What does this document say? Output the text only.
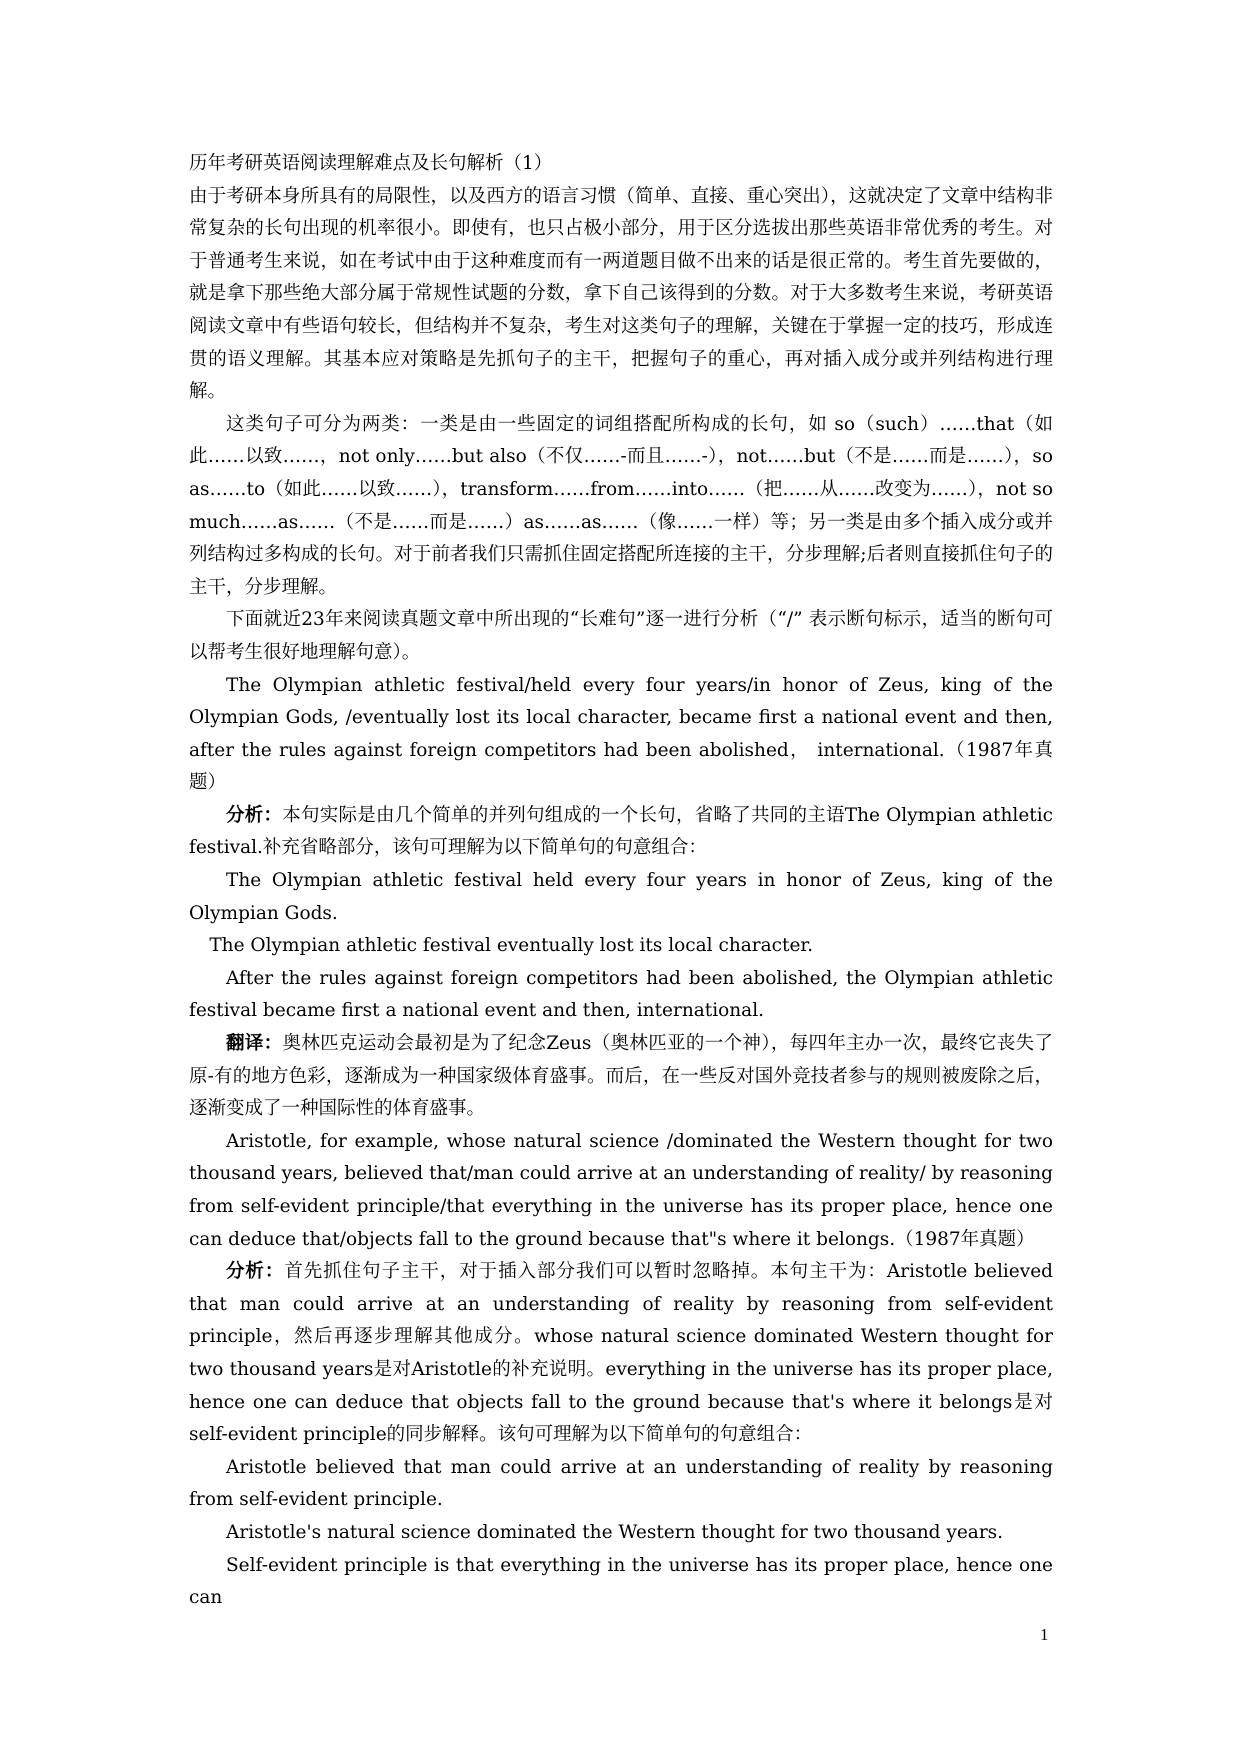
历年考研英语阅读理解难点及长句解析（1）

由于考研本身所具有的局限性，以及西方的语言习惯（简单、直接、重心突出），这就决定了文章中结构非常复杂的长句出现的机率很小。即使有，也只占极小部分，用于区分选拔出那些英语非常优秀的考生。对于普通考生来说，如在考试中由于这种难度而有一两道题目做不出来的话是很正常的。考生首先要做的，就是拿下那些绝大部分属于常规性试题的分数，拿下自己该得到的分数。对于大多数考生来说，考研英语阅读文章中有些语句较长，但结构并不复杂，考生对这类句子的理解，关键在于掌握一定的技巧，形成连贯的语义理解。其基本应对策略是先抓句子的主干，把握句子的重心，再对插入成分或并列结构进行理解。

这类句子可分为两类：一类是由一些固定的词组搭配所构成的长句，如 so（such）……that（如此……以致……，not only……but also（不仅……-而且……-），not……but（不是……而是……），so as……to（如此……以致……），transform……from……into……（把……从……改变为……），not so much……as……（不是……而是……）as……as……（像……一样）等；另一类是由多个插入成分或并列结构过多构成的长句。对于前者我们只需抓住固定搭配所连接的主干，分步理解;后者则直接抓住句子的主干，分步理解。

下面就近23年来阅读真题文章中所出现的“长难句”逐一进行分析（“/” 表示断句标示，适当的断句可以帮考生很好地理解句意）。

The Olympian athletic festival/held every four years/in honor of Zeus, king of the Olympian Gods, /eventually lost its local character, became first a national event and then, after the rules against foreign competitors had been abolished， international.（1987年真题）

分析：本句实际是由几个简单的并列句组成的一个长句，省略了共同的主语The Olympian athletic festival.补充省略部分，该句可理解为以下简单句的句意组合：

The Olympian athletic festival held every four years in honor of Zeus, king of the Olympian Gods.

The Olympian athletic festival eventually lost its local character.

After the rules against foreign competitors had been abolished, the Olympian athletic festival became first a national event and then, international.

翻译：奥林匹克运动会最初是为了纪念Zeus（奥林匹亚的一个神），每四年主办一次，最终它丧失了原-有的地方色彩，逐渐成为一种国家级体育盛事。而后，在一些反对国外竞技者参与的规则被废除之后，逐渐变成了一种国际性的体育盛事。

Aristotle, for example, whose natural science /dominated the Western thought for two thousand years, believed that/man could arrive at an understanding of reality/ by reasoning from self-evident principle/that everything in the universe has its proper place, hence one can deduce that/objects fall to the ground because that"s where it belongs.（1987年真题）

分析：首先抓住句子主干，对于插入部分我们可以暂时忽略掉。本句主干为：Aristotle believed that man could arrive at an understanding of reality by reasoning from self-evident principle，然后再逐步理解其他成分。whose natural science dominated Western thought for two thousand years是对Aristotle的补充说明。everything in the universe has its proper place, hence one can deduce that objects fall to the ground because that's where it belongs是对self-evident principle的同步解释。该句可理解为以下简单句的句意组合：

Aristotle believed that man could arrive at an understanding of reality by reasoning from self-evident principle.

Aristotle's natural science dominated the Western thought for two thousand years.

Self-evident principle is that everything in the universe has its proper place, hence one can

1
